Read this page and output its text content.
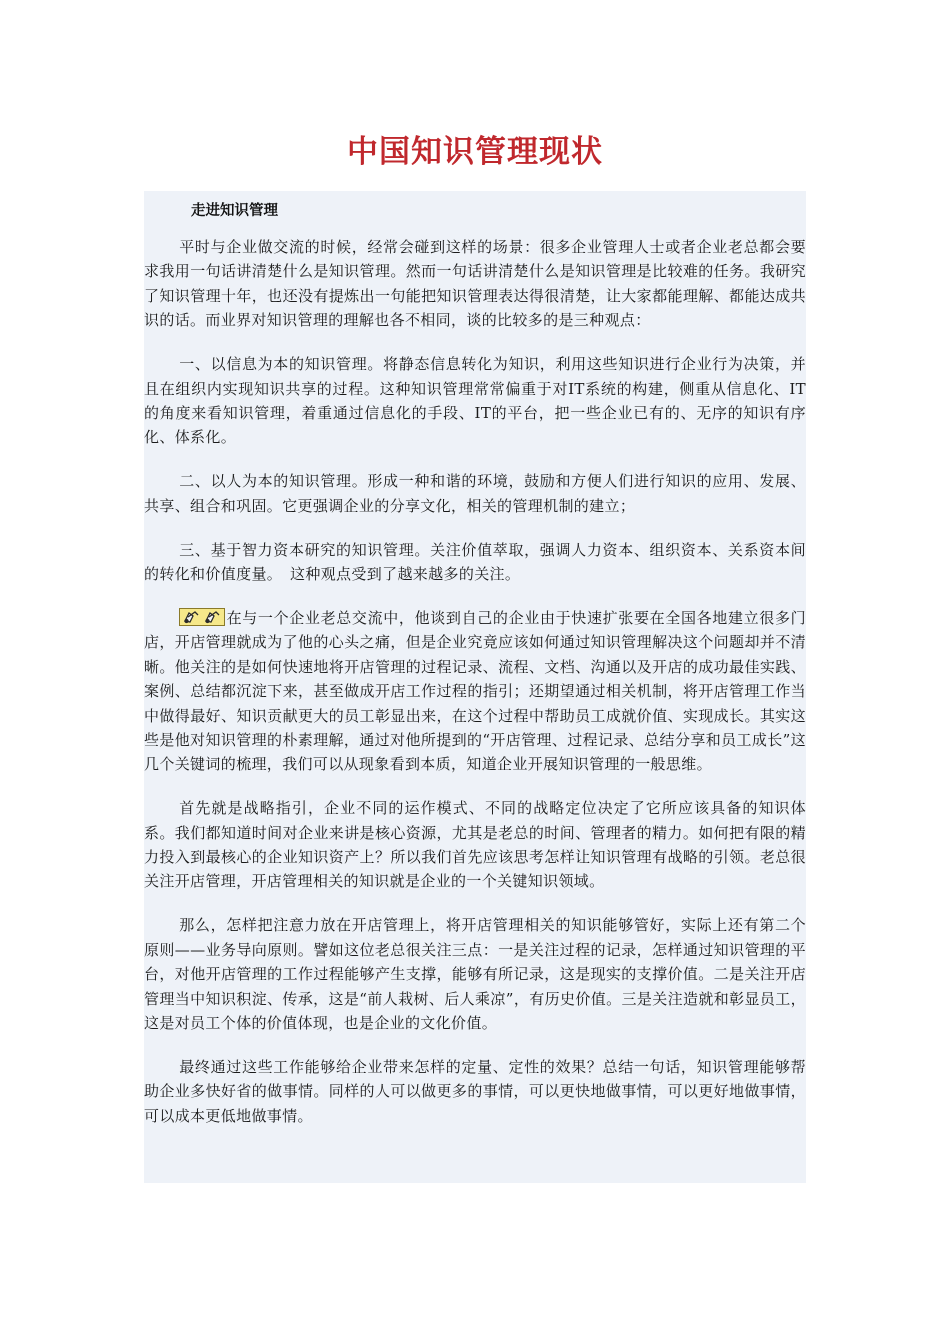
中国知识管理现状
走进知识管理

平时与企业做交流的时候，经常会碰到这样的场景：很多企业管理人士或者企业老总都会要求我用一句话讲清楚什么是知识管理。然而一句话讲清楚什么是知识管理是比较难的任务。我研究了知识管理十年，也还没有提炼出一句能把知识管理表达得很清楚，让大家都能理解、都能达成共识的话。而业界对知识管理的理解也各不相同，谈的比较多的是三种观点：

一、以信息为本的知识管理。将静态信息转化为知识，利用这些知识进行企业行为决策，并且在组织内实现知识共享的过程。这种知识管理常常偏重于对IT系统的构建，侧重从信息化、IT的角度来看知识管理，着重通过信息化的手段、IT的平台，把一些企业已有的、无序的知识有序化、体系化。

二、以人为本的知识管理。形成一种和谐的环境，鼓励和方便人们进行知识的应用、发展、共享、组合和巩固。它更强调企业的分享文化，相关的管理机制的建立；

三、基于智力资本研究的知识管理。关注价值萃取，强调人力资本、组织资本、关系资本间的转化和价值度量。　这种观点受到了越来越多的关注。

在与一个企业老总交流中，他谈到自己的企业由于快速扩张要在全国各地建立很多门店，开店管理就成为了他的心头之痛，但是企业究竟应该如何通过知识管理解决这个问题却并不清晰。他关注的是如何快速地将开店管理的过程记录、流程、文档、沟通以及开店的成功最佳实践、案例、总结都沉淀下来，甚至做成开店工作过程的指引；还期望通过相关机制，将开店管理工作当中做得最好、知识贡献更大的员工彰显出来，在这个过程中帮助员工成就价值、实现成长。其实这些是他对知识管理的朴素理解，通过对他所提到的“开店管理、过程记录、总结分享和员工成长”这几个关键词的梳理，我们可以从现象看到本质，知道企业开展知识管理的一般思维。

首先就是战略指引，企业不同的运作模式、不同的战略定位决定了它所应该具备的知识体系。我们都知道时间对企业来讲是核心资源，尤其是老总的时间、管理者的精力。如何把有限的精力投入到最核心的企业知识资产上？所以我们首先应该思考怎样让知识管理有战略的引领。老总很关注开店管理，开店管理相关的知识就是企业的一个关键知识领域。

那么，怎样把注意力放在开店管理上，将开店管理相关的知识能够管好，实际上还有第二个原则——业务导向原则。譬如这位老总很关注三点：一是关注过程的记录，怎样通过知识管理的平台，对他开店管理的工作过程能够产生支撑，能够有所记录，这是现实的支撑价值。二是关注开店管理当中知识积淀、传承，这是“前人栽树、后人乘凉”，有历史价值。三是关注造就和彰显员工，这是对员工个体的价值体现，也是企业的文化价值。

最终通过这些工作能够给企业带来怎样的定量、定性的效果？总结一句话，知识管理能够帮助企业多快好省的做事情。同样的人可以做更多的事情，可以更快地做事情，可以更好地做事情，可以成本更低地做事情。
